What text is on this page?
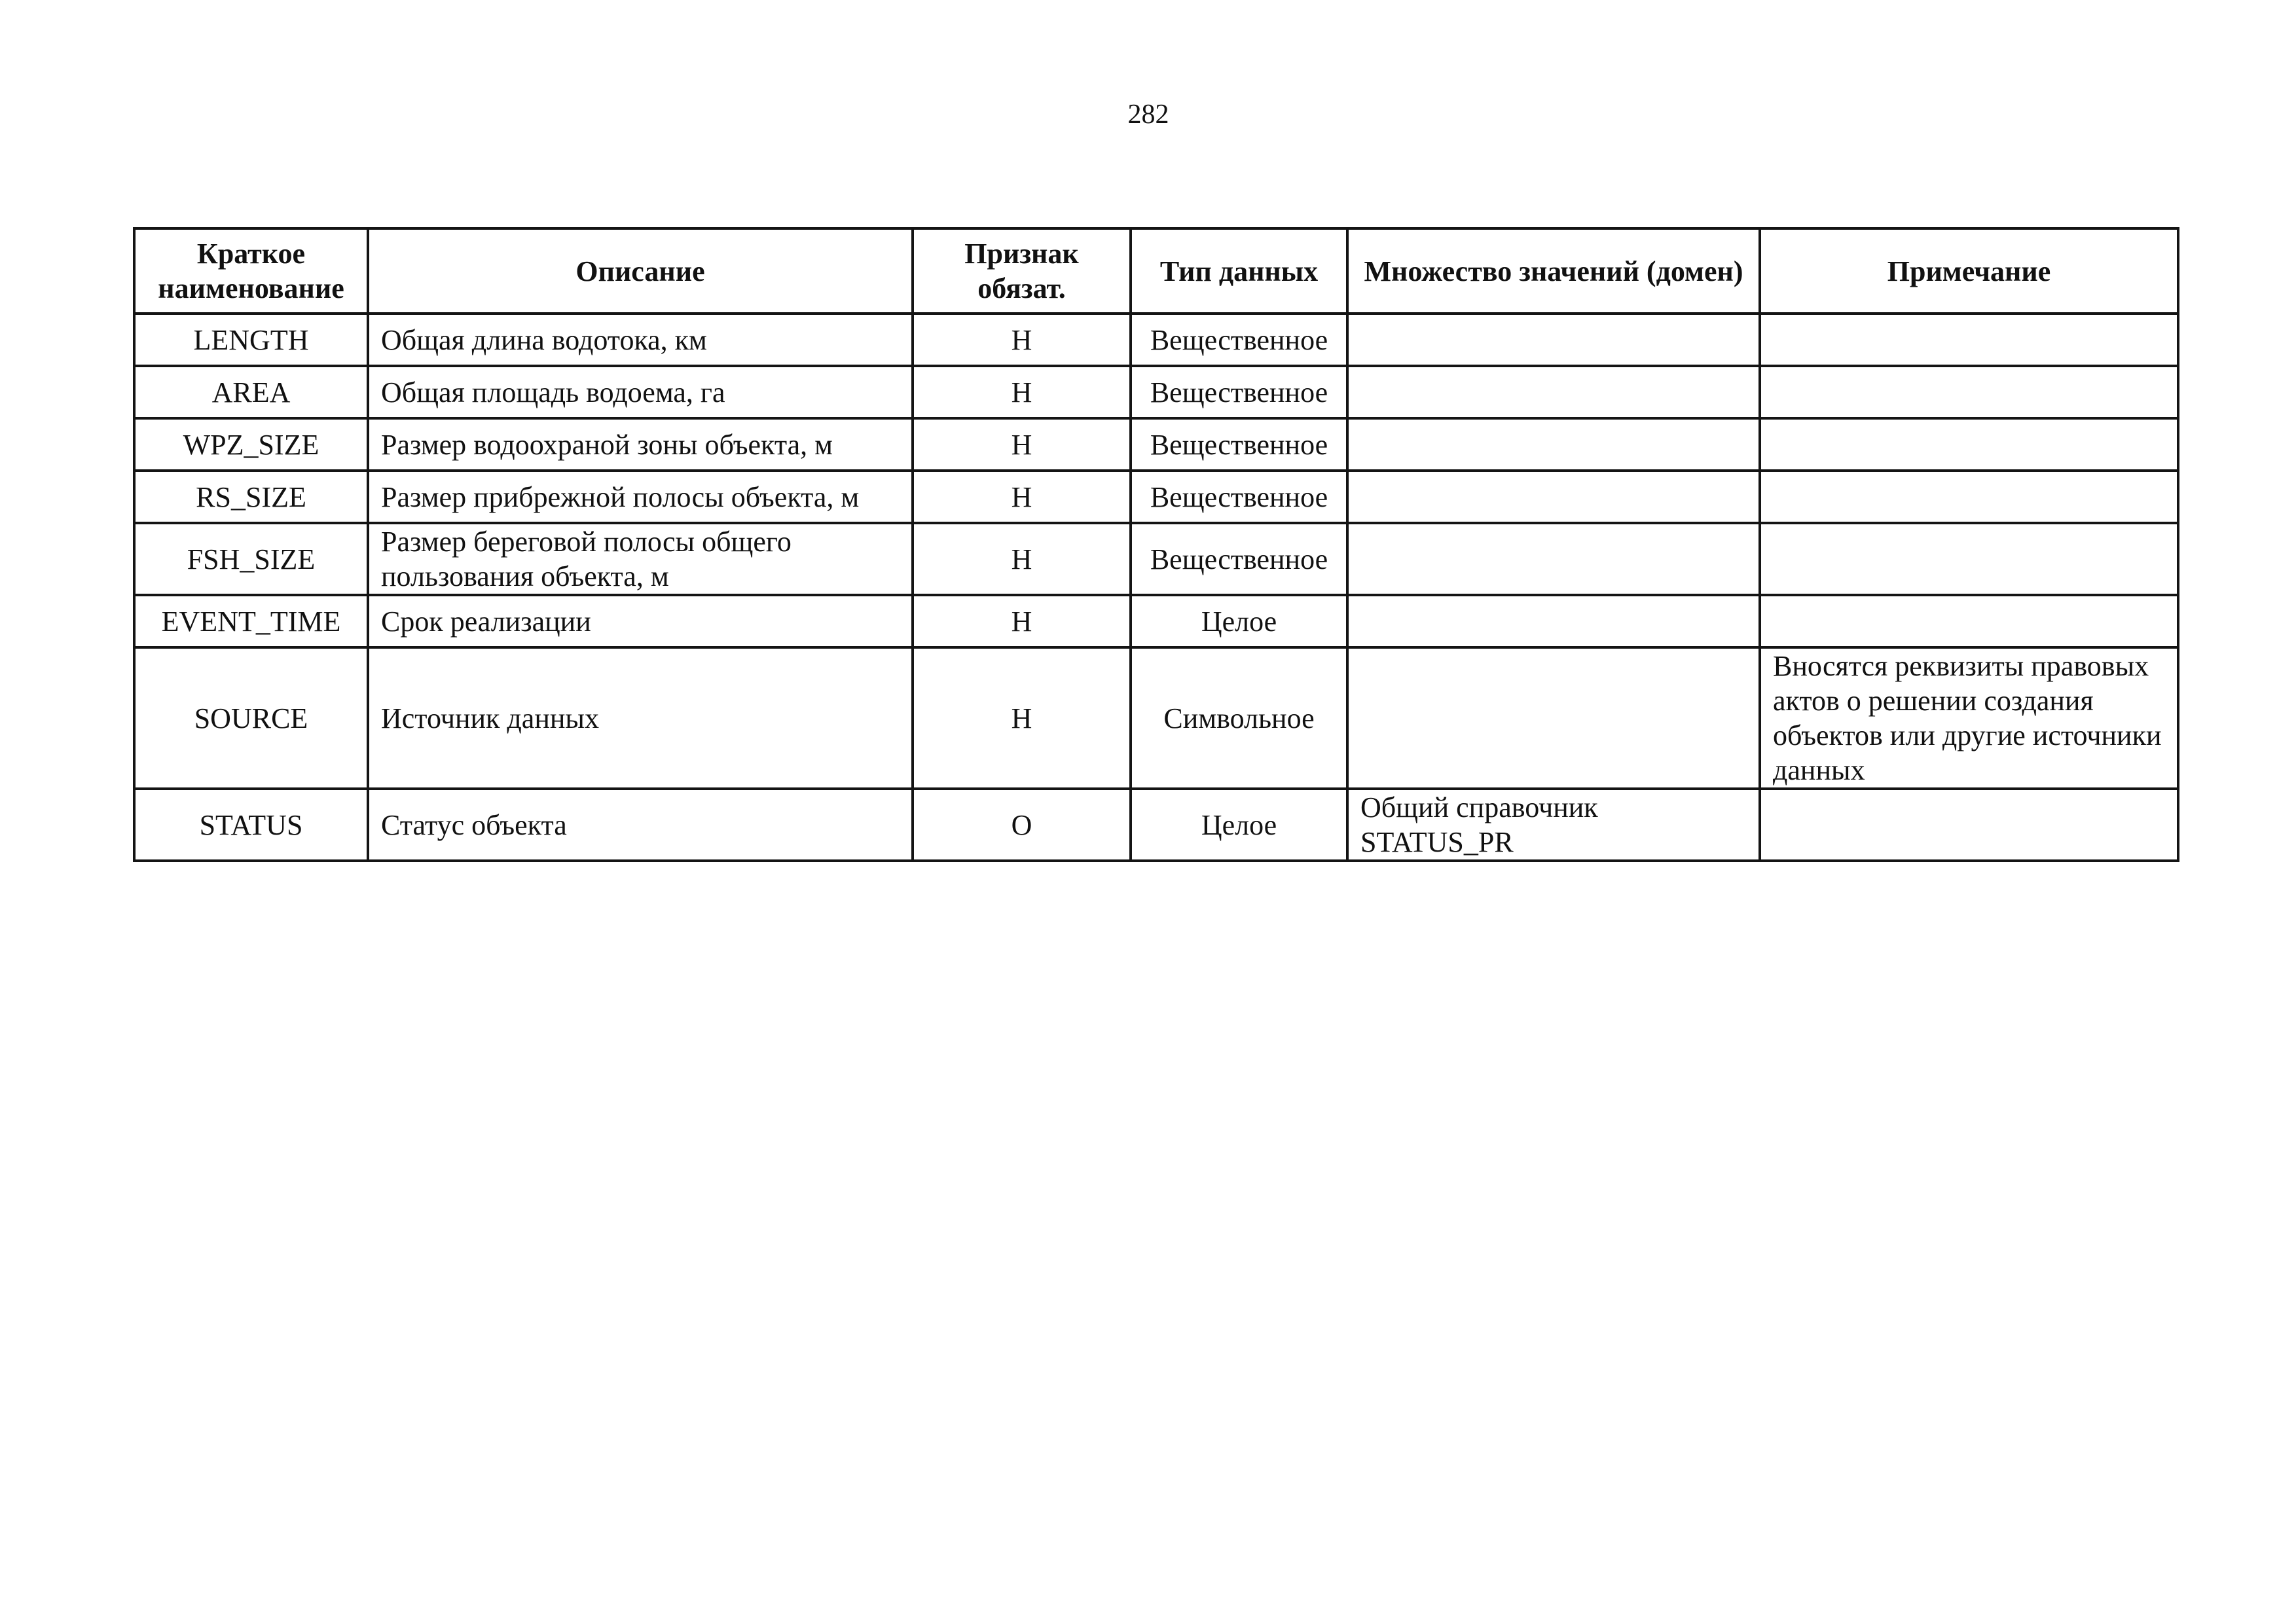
282
Краткое наименование	Описание	Признак обязат.	Тип данных	Множество значений (домен)	Примечание
LENGTH	Общая длина водотока, км	Н	Вещественное		
AREA	Общая площадь водоема, га	Н	Вещественное		
WPZ_SIZE	Размер водоохраной зоны объекта, м	Н	Вещественное		
RS_SIZE	Размер прибрежной полосы объекта, м	Н	Вещественное		
FSH_SIZE	Размер береговой полосы общего пользования объекта, м	Н	Вещественное		
EVENT_TIME	Срок реализации	Н	Целое		
SOURCE	Источник данных	Н	Символьное		Вносятся реквизиты правовых актов о решении создания объектов или другие источники данных
STATUS	Статус объекта	О	Целое	Общий справочник STATUS_PR	
